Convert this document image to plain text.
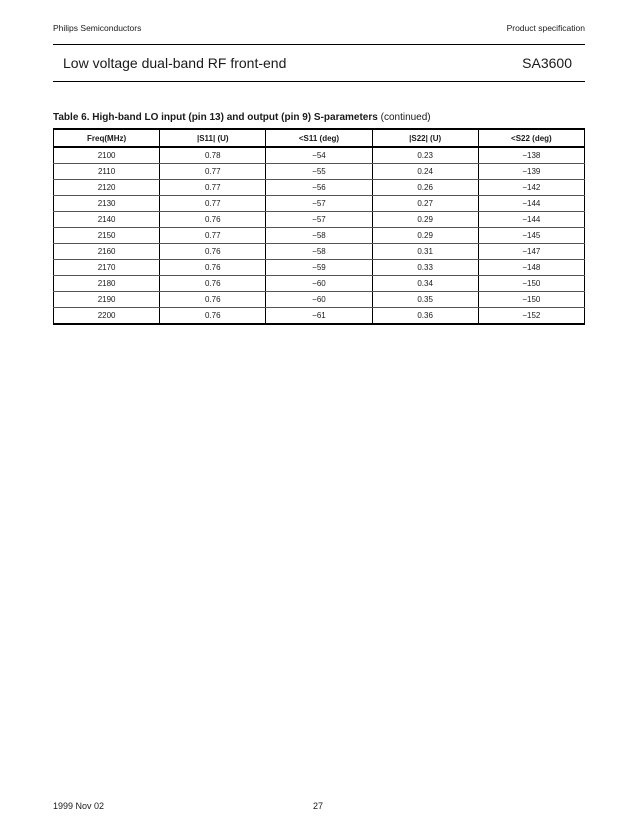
Philips Semiconductors	Product specification
Low voltage dual-band RF front-end	SA3600
Table 6. High-band LO input (pin 13) and output (pin 9) S-parameters (continued)
Freq(MHz)	|S11| (U)	<S11 (deg)	|S22| (U)	<S22 (deg)
2100	0.78	−54	0.23	−138
2110	0.77	−55	0.24	−139
2120	0.77	−56	0.26	−142
2130	0.77	−57	0.27	−144
2140	0.76	−57	0.29	−144
2150	0.77	−58	0.29	−145
2160	0.76	−58	0.31	−147
2170	0.76	−59	0.33	−148
2180	0.76	−60	0.34	−150
2190	0.76	−60	0.35	−150
2200	0.76	−61	0.36	−152
1999 Nov 02	27
